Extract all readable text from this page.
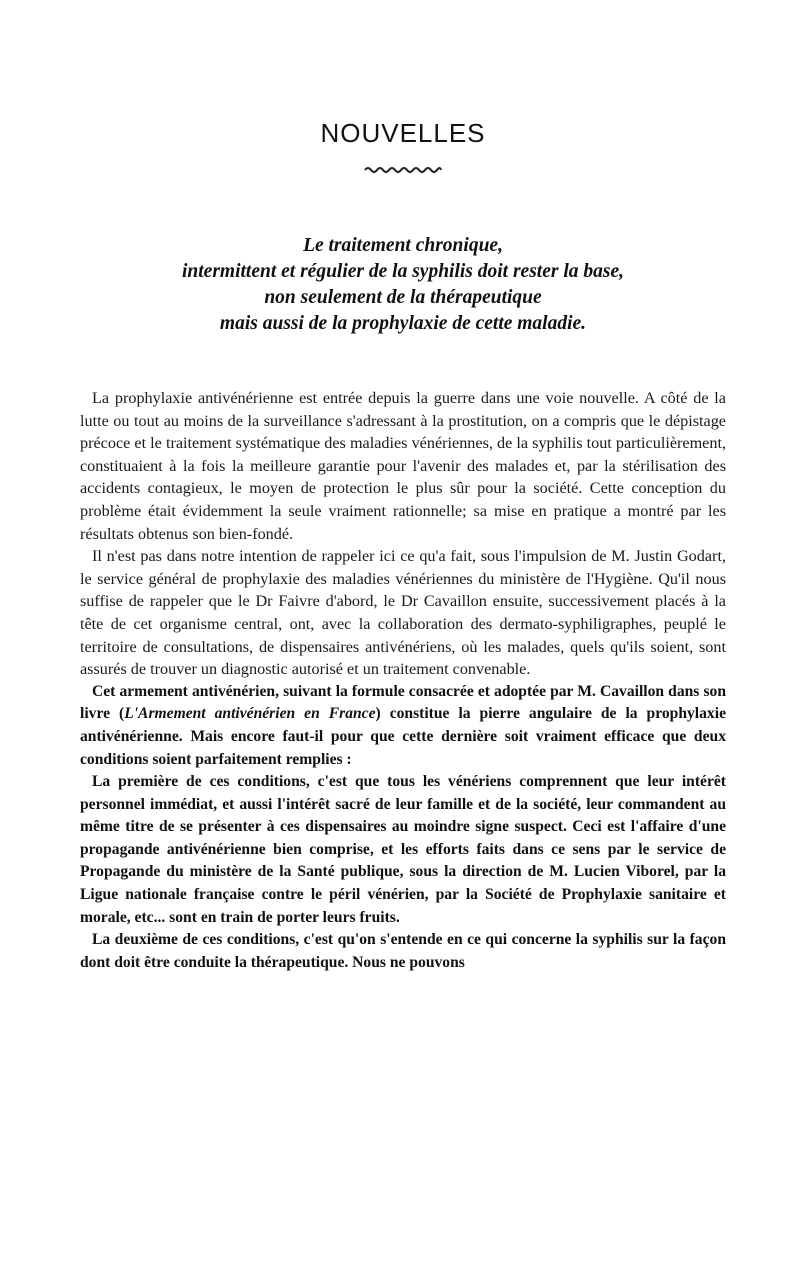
NOUVELLES
Le traitement chronique,
intermittent et régulier de la syphilis doit rester la base,
non seulement de la thérapeutique
mais aussi de la prophylaxie de cette maladie.

La prophylaxie antivénérienne est entrée depuis la guerre dans une voie nouvelle. A côté de la lutte ou tout au moins de la surveillance s'adressant à la prostitution, on a compris que le dépistage précoce et le traitement systématique des maladies vénériennes, de la syphilis tout particulièrement, constituaient à la fois la meilleure garantie pour l'avenir des malades et, par la stérilisation des accidents contagieux, le moyen de protection le plus sûr pour la société. Cette conception du problème était évidemment la seule vraiment rationnelle; sa mise en pratique a montré par les résultats obtenus son bien-fondé.

Il n'est pas dans notre intention de rappeler ici ce qu'a fait, sous l'impulsion de M. Justin Godart, le service général de prophylaxie des maladies vénériennes du ministère de l'Hygiène. Qu'il nous suffise de rappeler que le Dr Faivre d'abord, le Dr Cavaillon ensuite, successivement placés à la tête de cet organisme central, ont, avec la collaboration des dermato-syphiligraphes, peuplé le territoire de consultations, de dispensaires antivénériens, où les malades, quels qu'ils soient, sont assurés de trouver un diagnostic autorisé et un traitement convenable.

Cet armement antivénérien, suivant la formule consacrée et adoptée par M. Cavaillon dans son livre (L'Armement antivénérien en France) constitue la pierre angulaire de la prophylaxie antivénérienne. Mais encore faut-il pour que cette dernière soit vraiment efficace que deux conditions soient parfaitement remplies :

La première de ces conditions, c'est que tous les vénériens comprennent que leur intérêt personnel immédiat, et aussi l'intérêt sacré de leur famille et de la société, leur commandent au même titre de se présenter à ces dispensaires au moindre signe suspect. Ceci est l'affaire d'une propagande antivénérienne bien comprise, et les efforts faits dans ce sens par le service de Propagande du ministère de la Santé publique, sous la direction de M. Lucien Viborel, par la Ligue nationale française contre le péril vénérien, par la Société de Prophylaxie sanitaire et morale, etc... sont en train de porter leurs fruits.

La deuxième de ces conditions, c'est qu'on s'entende en ce qui concerne la syphilis sur la façon dont doit être conduite la thérapeutique. Nous ne pouvons
